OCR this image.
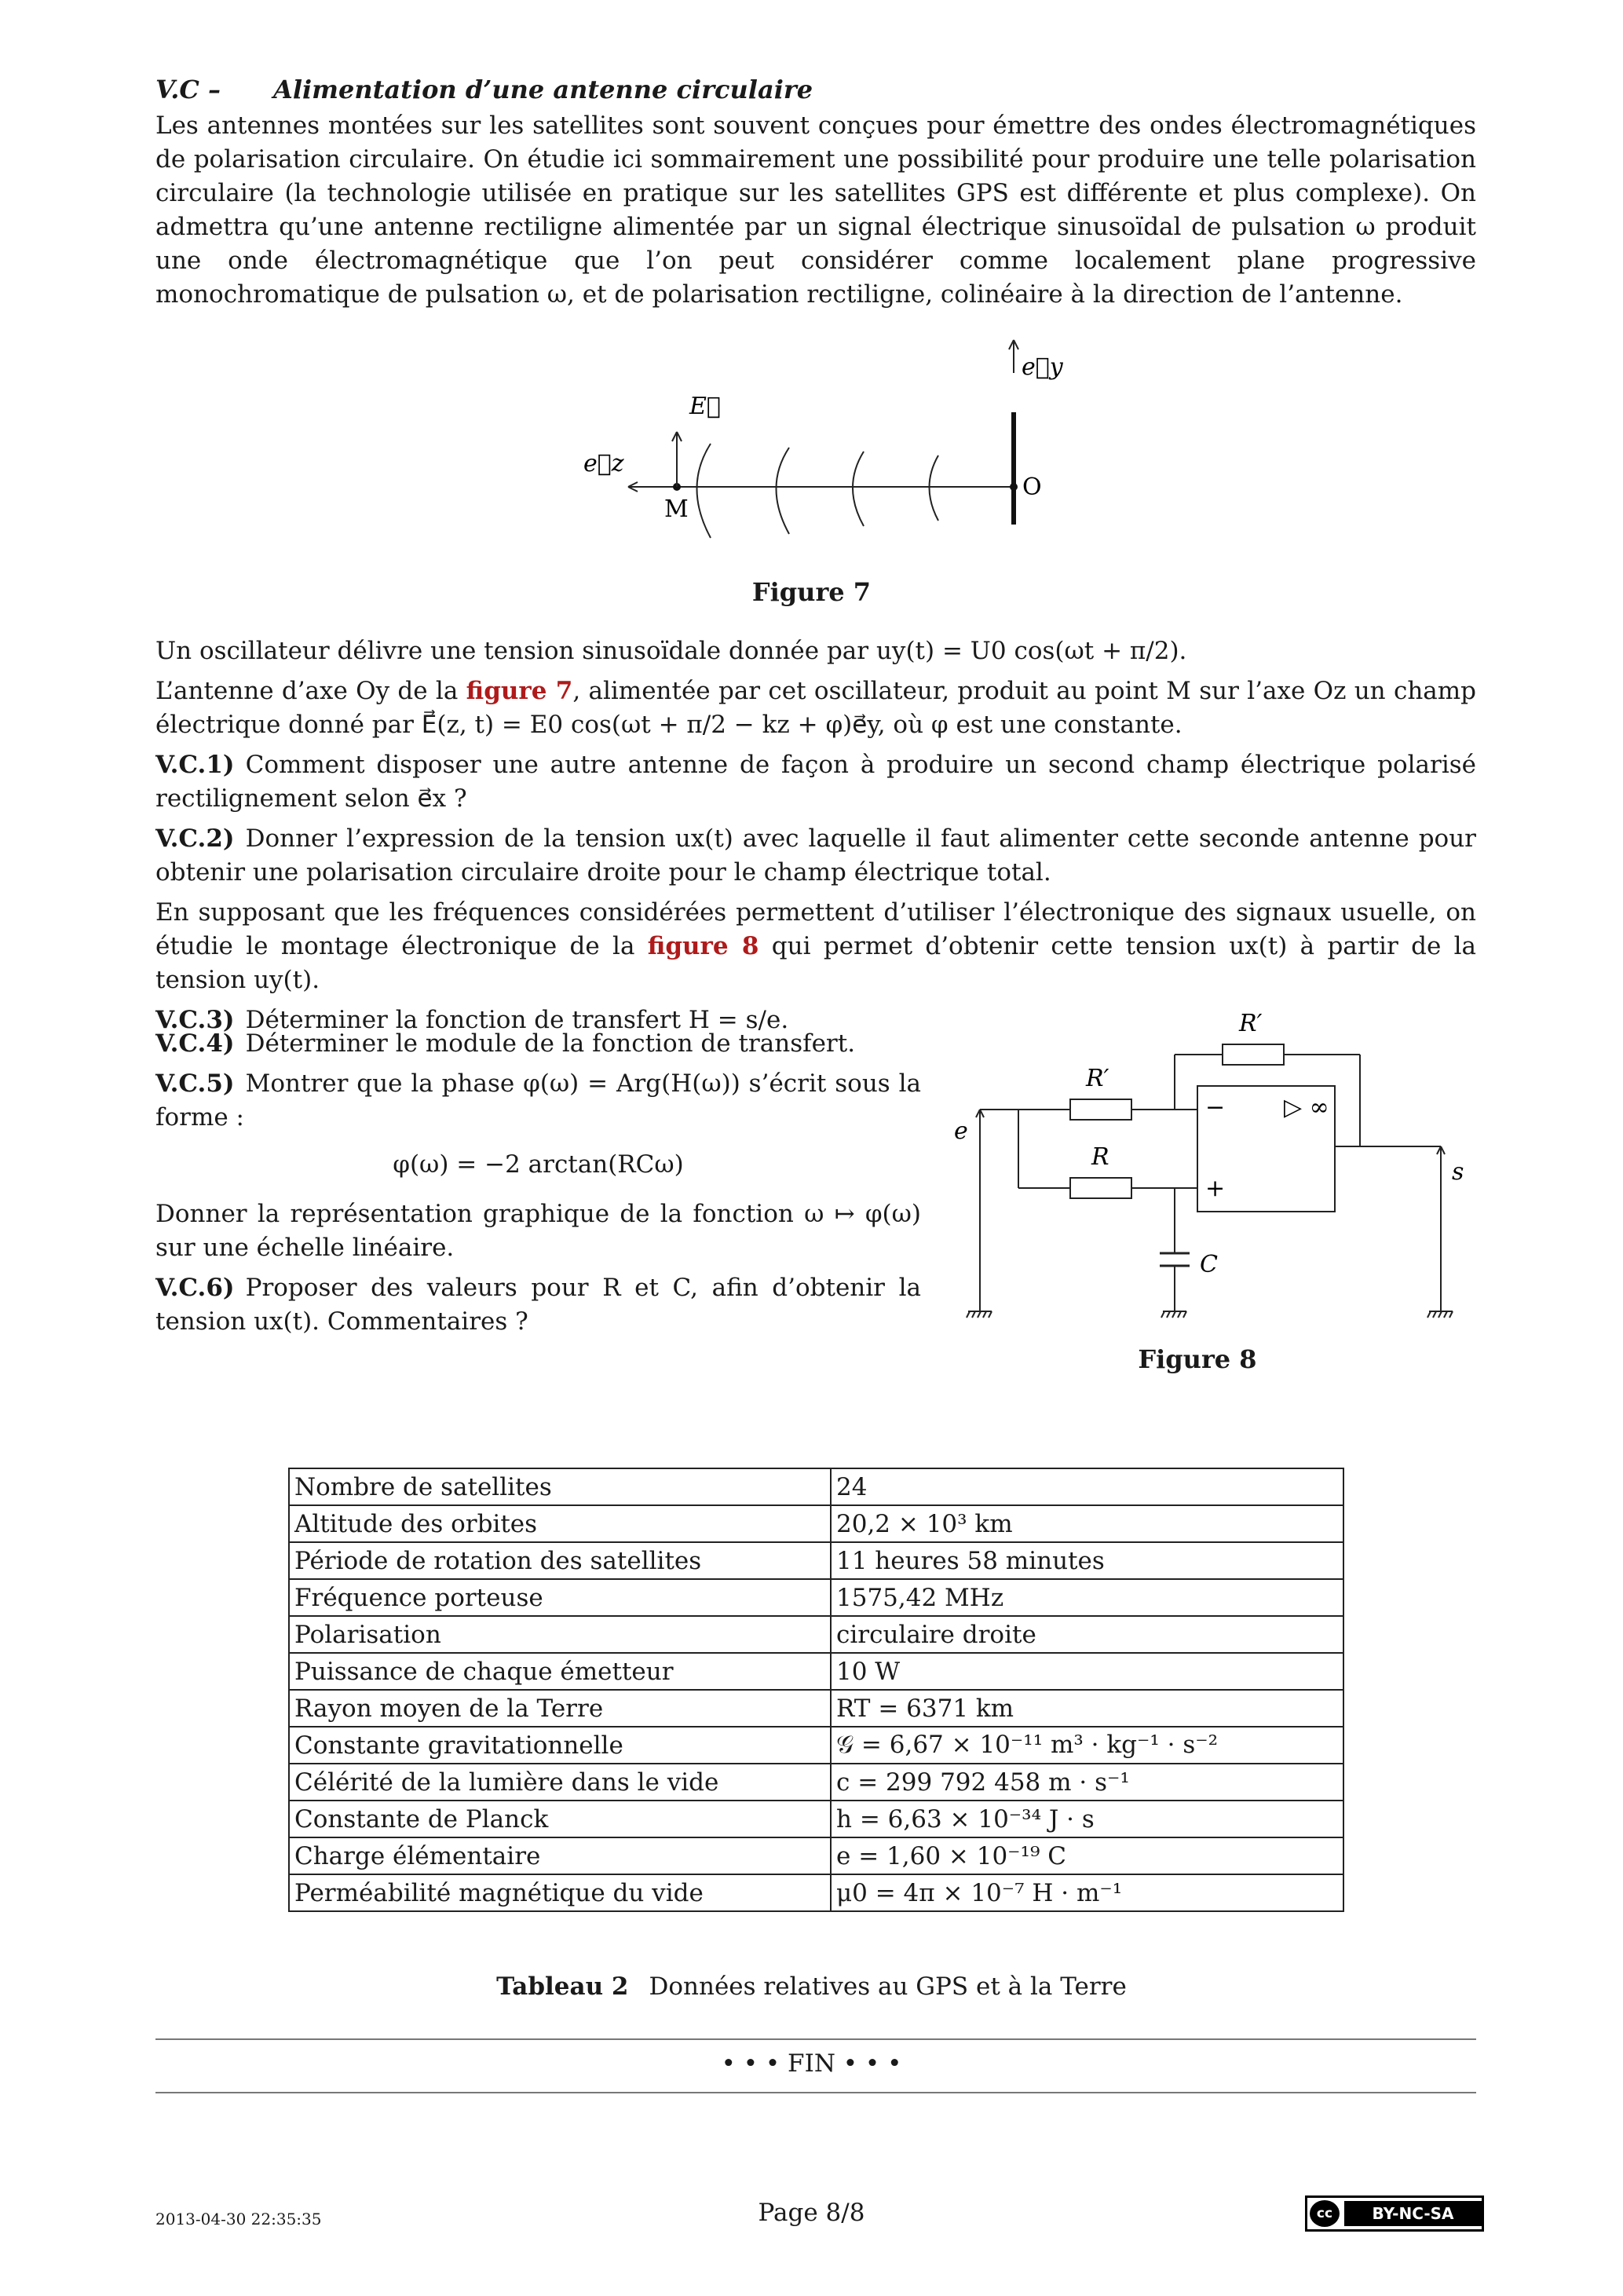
V.C – Alimentation d’une antenne circulaire

Les antennes montées sur les satellites sont souvent conçues pour émettre des ondes électromagnétiques de polarisation circulaire. On étudie ici sommairement une possibilité pour produire une telle polarisation circulaire (la technologie utilisée en pratique sur les satellites GPS est différente et plus complexe). On admettra qu’une antenne rectiligne alimentée par un signal électrique sinusoïdal de pulsation ω produit une onde électromagnétique que l’on peut considérer comme localement plane progressive monochromatique de pulsation ω, et de polarisation rectiligne, colinéaire à la direction de l’antenne.

e⃗y
E⃗
e⃗z
M
O
Figure 7

Un oscillateur délivre une tension sinusoïdale donnée par uy(t) = U0 cos(ωt + π/2).

L’antenne d’axe Oy de la figure 7, alimentée par cet oscillateur, produit au point M sur l’axe Oz un champ électrique donné par E⃗(z, t) = E0 cos(ωt + π/2 − kz + φ)e⃗y, où φ est une constante.

V.C.1) Comment disposer une autre antenne de façon à produire un second champ électrique polarisé rectilignement selon e⃗x ?

V.C.2) Donner l’expression de la tension ux(t) avec laquelle il faut alimenter cette seconde antenne pour obtenir une polarisation circulaire droite pour le champ électrique total.

En supposant que les fréquences considérées permettent d’utiliser l’électronique des signaux usuelle, on étudie le montage électronique de la figure 8 qui permet d’obtenir cette tension ux(t) à partir de la tension uy(t).

V.C.3) Déterminer la fonction de transfert H = s/e.

V.C.4) Déterminer le module de la fonction de transfert.

V.C.5) Montrer que la phase φ(ω) = Arg(H(ω)) s’écrit sous la forme :

φ(ω) = −2 arctan(RCω)

Donner la représentation graphique de la fonction ω ↦ φ(ω) sur une échelle linéaire.

V.C.6) Proposer des valeurs pour R et C, afin d’obtenir la tension ux(t). Commentaires ?

R′
R′
R
C
e
s
−
+
▷ ∞
Figure 8
Nombre de satellites	24
Altitude des orbites	20,2 × 10³ km
Période de rotation des satellites	11 heures 58 minutes
Fréquence porteuse	1575,42 MHz
Polarisation	circulaire droite
Puissance de chaque émetteur	10 W
Rayon moyen de la Terre	RT = 6371 km
Constante gravitationnelle	𝒢 = 6,67 × 10⁻¹¹ m³ · kg⁻¹ · s⁻²
Célérité de la lumière dans le vide	c = 299 792 458 m · s⁻¹
Constante de Planck	h = 6,63 × 10⁻³⁴ J · s
Charge élémentaire	e = 1,60 × 10⁻¹⁹ C
Perméabilité magnétique du vide	μ0 = 4π × 10⁻⁷ H · m⁻¹
Tableau 2 Données relatives au GPS et à la Terre
• • • FIN • • •
2013-04-30 22:35:35	Page 8/8	cc	BY-NC-SA
